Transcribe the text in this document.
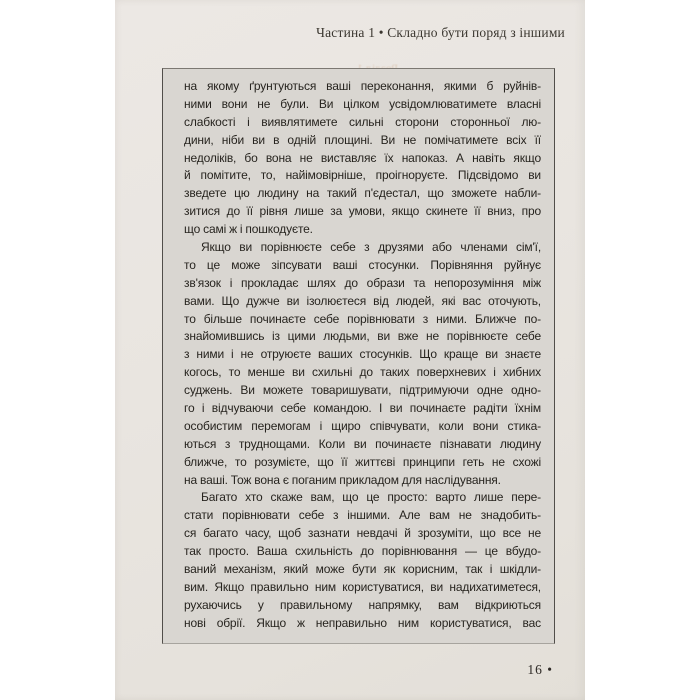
Частина 1 • Складно бути поряд з іншими
на якому ґрунтуються ваші переконання, якими б руйнів-
ними вони не були. Ви цілком усвідомлюватимете власні
слабкості і виявлятимете сильні сторони сторонньої лю-
дини, ніби ви в одній площині. Ви не помічатимете всіх її
недоліків, бо вона не виставляє їх напоказ. А навіть якщо
й помітите, то, найімовірніше, проігноруєте. Підсвідомо ви
зведете цю людину на такий п'єдестал, що зможете набли-
зитися до її рівня лише за умови, якщо скинете її вниз, про
що самі ж і пошкодуєте.
Якщо ви порівнюєте себе з друзями або членами сім'ї,
то це може зіпсувати ваші стосунки. Порівняння руйнує
зв'язок і прокладає шлях до образи та непорозуміння між
вами. Що дужче ви ізолюєтеся від людей, які вас оточують,
то більше починаєте себе порівнювати з ними. Ближче по-
знайомившись із цими людьми, ви вже не порівнюєте себе
з ними і не отруюєте ваших стосунків. Що краще ви знаєте
когось, то менше ви схильні до таких поверхневих і хибних
суджень. Ви можете товаришувати, підтримуючи одне одно-
го і відчуваючи себе командою. І ви починаєте радіти їхнім
особистим перемогам і щиро співчувати, коли вони стика-
ються з труднощами. Коли ви починаєте пізнавати людину
ближче, то розумієте, що її життєві принципи геть не схожі
на ваші. Тож вона є поганим прикладом для наслідування.
Багато хто скаже вам, що це просто: варто лише пере-
стати порівнювати себе з іншими. Але вам не знадобить-
ся багато часу, щоб зазнати невдачі й зрозуміти, що все не
так просто. Ваша схильність до порівнювання — це вбудо-
ваний механізм, який може бути як корисним, так і шкідли-
вим. Якщо правильно ним користуватися, ви надихатиметеся,
рухаючись у правильному напрямку, вам відкриються
нові обрії. Якщо ж неправильно ним користуватися, вас
16 •
